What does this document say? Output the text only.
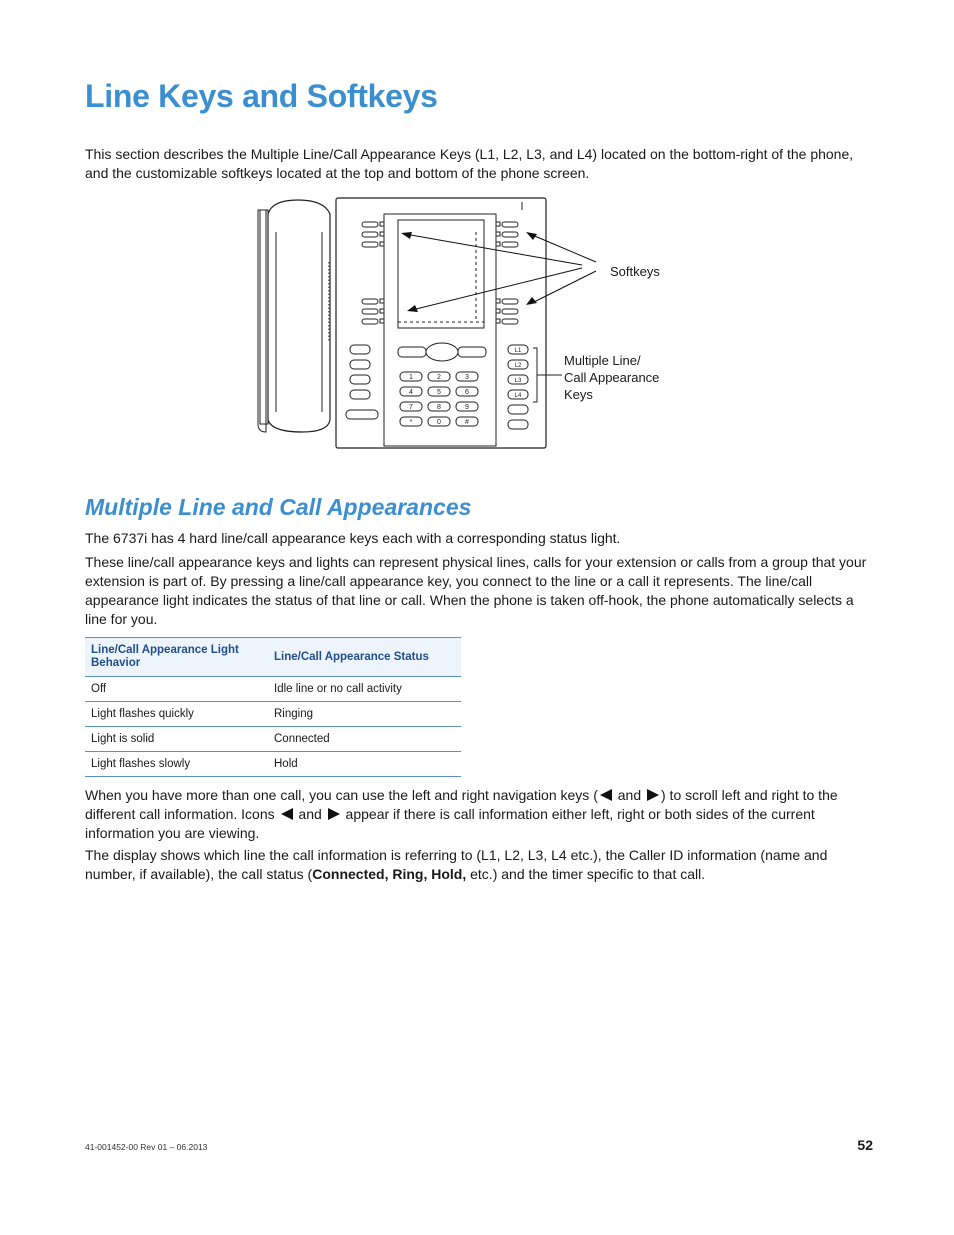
Line Keys and Softkeys

This section describes the Multiple Line/Call Appearance Keys (L1, L2, L3, and L4) located on the bottom-right of the phone, and the customizable softkeys located at the top and bottom of the phone screen.

1	2	3
4	5	6
7	8	9
*	0	#
L1
L2
L3
L4
Softkeys
Multiple Line/
Call Appearance
Keys
Multiple Line and Call Appearances

The 6737i has 4 hard line/call appearance keys each with a corresponding status light.

These line/call appearance keys and lights can represent physical lines, calls for your extension or calls from a group that your extension is part of. By pressing a line/call appearance key, you connect to the line or a call it represents. The line/call appearance light indicates the status of that line or call. When the phone is taken off-hook, the phone automatically selects a line for you.

Line/Call Appearance Light Behavior	Line/Call Appearance Status
Off	Idle line or no call activity
Light flashes quickly	Ringing
Light is solid	Connected
Light flashes slowly	Hold

When you have more than one call, you can use the left and right navigation keys ( and ) to scroll left and right to the different call information. Icons  and  appear if there is call information either left, right or both sides of the current information you are viewing.

The display shows which line the call information is referring to (L1, L2, L3, L4 etc.), the Caller ID information (name and number, if available), the call status (Connected, Ring, Hold, etc.) and the timer specific to that call.

41-001452-00 Rev 01 – 06.2013	52
